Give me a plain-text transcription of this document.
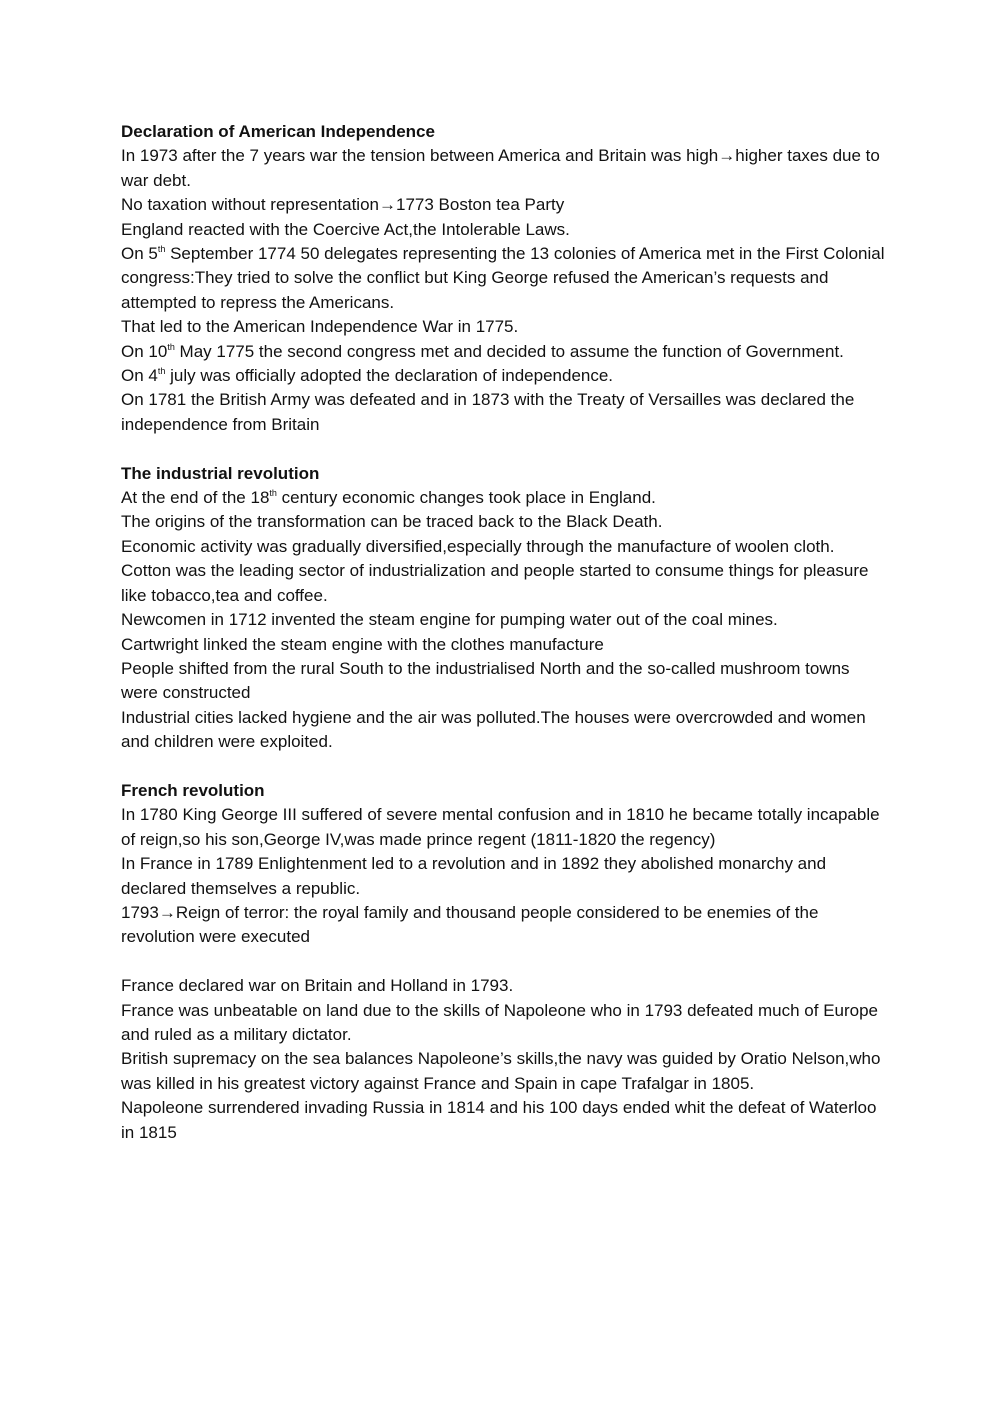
Declaration of American Independence

In 1973 after the 7 years war the tension between America and Britain was high→higher taxes due to war debt.

No taxation without representation→1773 Boston tea Party

England reacted with the Coercive Act,the Intolerable Laws.

On 5th September 1774 50 delegates representing the 13 colonies of America met in the First Colonial congress:They tried to solve the conflict but King George refused the American’s requests and attempted to repress the Americans.

That led to the American Independence War in 1775.

On 10th May 1775 the second congress met and decided to assume the function of Government.

On 4th july was officially adopted the declaration of independence.

On 1781 the British Army was defeated and in 1873 with the Treaty of Versailles was declared the independence from Britain

The industrial revolution

At the end of the 18th century economic changes took place in England.

The origins of the transformation can be traced back to the Black Death.

Economic activity was gradually diversified,especially through the manufacture of woolen cloth.

Cotton was the leading sector of industrialization and people started to consume things for pleasure like tobacco,tea and coffee.

Newcomen in 1712 invented the steam engine for pumping water out of the coal mines.

Cartwright linked the steam engine with the clothes manufacture

People shifted from the rural South to the industrialised North and the so-called mushroom towns were constructed

Industrial cities lacked hygiene and the air was polluted.The houses were overcrowded and women and children were exploited.

French revolution

In 1780 King George III suffered of severe mental confusion and in 1810 he became totally incapable of reign,so his son,George IV,was made prince regent (1811-1820 the regency)

In France in 1789 Enlightenment led to a revolution and in 1892 they abolished monarchy and declared themselves a republic.

1793→Reign of terror: the royal family and thousand people considered to be enemies of the revolution were executed

France declared war on Britain and Holland in 1793.

France was unbeatable on land due to the skills of Napoleone who in 1793 defeated much of Europe and ruled as a military dictator.

British supremacy on the sea balances Napoleone’s skills,the navy was guided by Oratio Nelson,who was killed in his greatest victory against France and Spain in cape Trafalgar in 1805.

Napoleone surrendered invading Russia in 1814 and his 100 days ended whit the defeat of Waterloo in 1815
